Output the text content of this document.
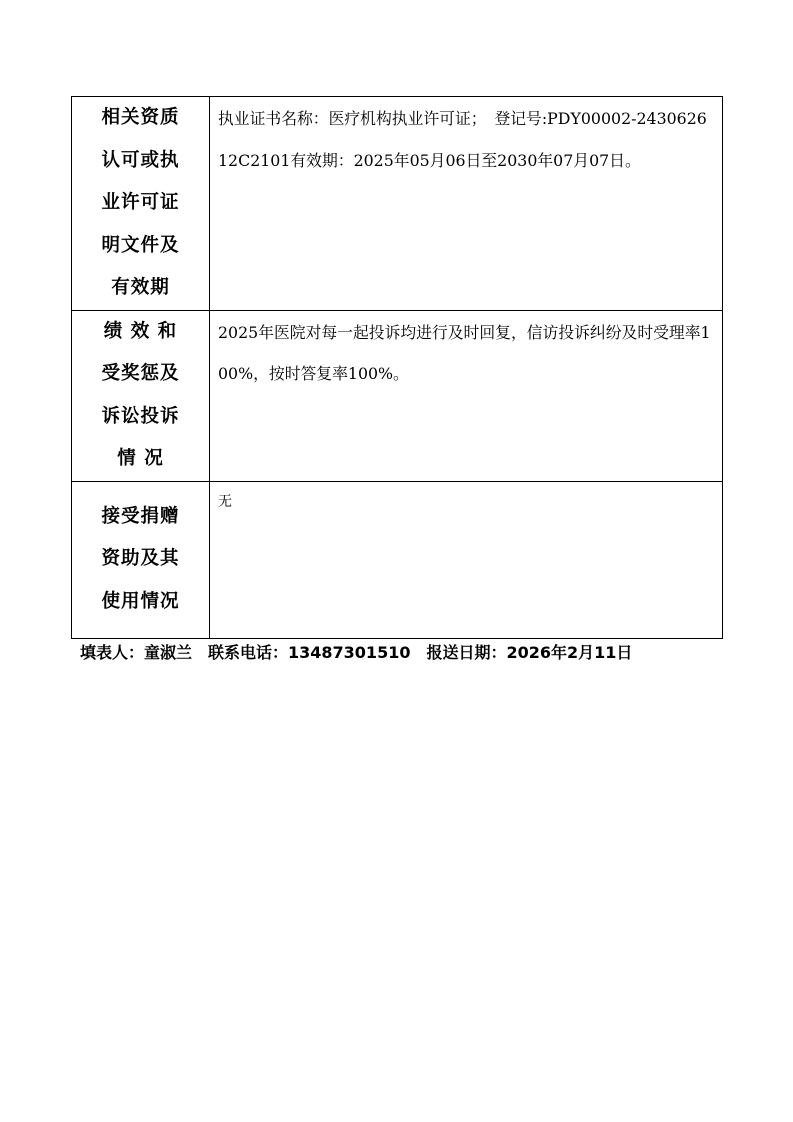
相关资质
认可或执
业许可证
明文件及
有效期	执业证书名称：医疗机构执业许可证；　登记号:PDY00002-243062612C2101有效期：2025年05月06日至2030年07月07日。

绩 效 和
受奖惩及
诉讼投诉
情 况	2025年医院对每一起投诉均进行及时回复，信访投诉纠纷及时受理率100%，按时答复率100%。

接受捐赠
资助及其
使用情况	无
填表人：童淑兰　联系电话：13487301510　报送日期：2026年2月11日
